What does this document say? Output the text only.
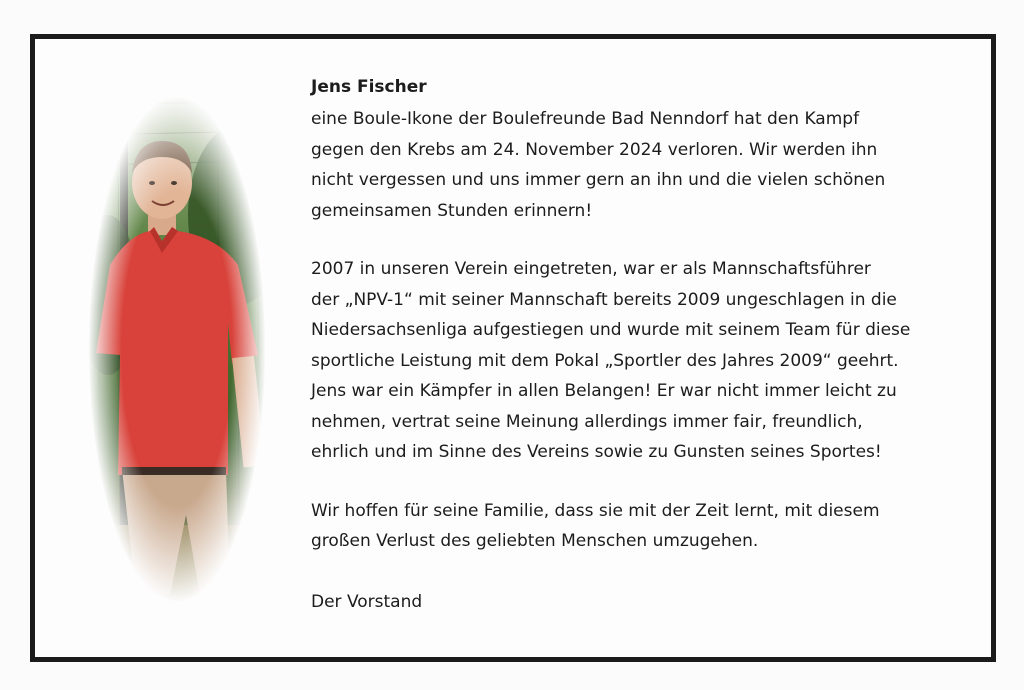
Jens Fischer

eine Boule-Ikone der Boulefreunde Bad Nenndorf hat den Kampf
gegen den Krebs am 24. November 2024 verloren. Wir werden ihn
nicht vergessen und uns immer gern an ihn und die vielen schönen
gemeinsamen Stunden erinnern!

2007 in unseren Verein eingetreten, war er als Mannschaftsführer
der „NPV-1“ mit seiner Mannschaft bereits 2009 ungeschlagen in die
Niedersachsenliga aufgestiegen und wurde mit seinem Team für diese
sportliche Leistung mit dem Pokal „Sportler des Jahres 2009“ geehrt.
Jens war ein Kämpfer in allen Belangen! Er war nicht immer leicht zu
nehmen, vertrat seine Meinung allerdings immer fair, freundlich,
ehrlich und im Sinne des Vereins sowie zu Gunsten seines Sportes!

Wir hoffen für seine Familie, dass sie mit der Zeit lernt, mit diesem
großen Verlust des geliebten Menschen umzugehen.

Der Vorstand
